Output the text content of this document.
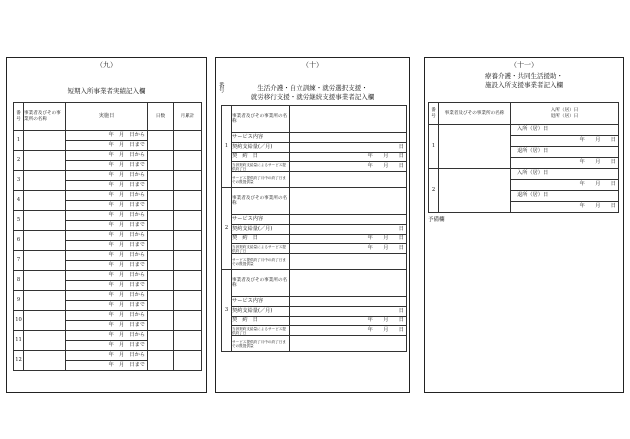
（九）
短期入所事業者実績記入欄
番号	事業者及びその事業所の名称	実施日	日数	月累計
1		年　月　日から		
		年　月　日まで		
2		年　月　日から		
		年　月　日まで		
3		年　月　日から		
		年　月　日まで		
4		年　月　日から		
		年　月　日まで		
5		年　月　日から		
		年　月　日まで		
6		年　月　日から		
		年　月　日まで		
7		年　月　日から		
		年　月　日まで		
8		年　月　日から		
		年　月　日まで		
9		年　月　日から		
		年　月　日まで		
10		年　月　日から		
		年　月　日まで		
11		年　月　日から		
		年　月　日まで		
12		年　月　日から		
		年　月　日まで		
（十）
生活介護・自立訓練・就労選択支援・
就労移行支援・就労継続支援事業者記入欄
番号
1	事業者及びその事業所の名称	
	サービス内容	
	契約支給量(／月)	日
	契　約　日	年　　月　　日
	当該契約支給量によるサービス提供終了日	年　　月　　日
	サービス提供終了月中の終了日までの既提供量	
2	事業者及びその事業所の名称	
	サービス内容	
	契約支給量(／月)	日
	契　約　日	年　　月　　日
	当該契約支給量によるサービス提供終了日	年　　月　　日
	サービス提供終了月中の終了日までの既提供量	
3	事業者及びその事業所の名称	
	サービス内容	
	契約支給量(／月)	日
	契　約　日	年　　月　　日
	当該契約支給量によるサービス提供終了日	年　　月　　日
	サービス提供終了月中の終了日までの既提供量	
（十一）
療養介護・共同生活援助・
施設入所支援事業者記入欄
番号	事業者及びその事業所の名称	入所（居）日
退所（居）日

1		入所（居）日
		年　　月　　日
		退所（居）日
		年　　月　　日
2		入所（居）日
		年　　月　　日
		退所（居）日
		年　　月　　日
予備欄
